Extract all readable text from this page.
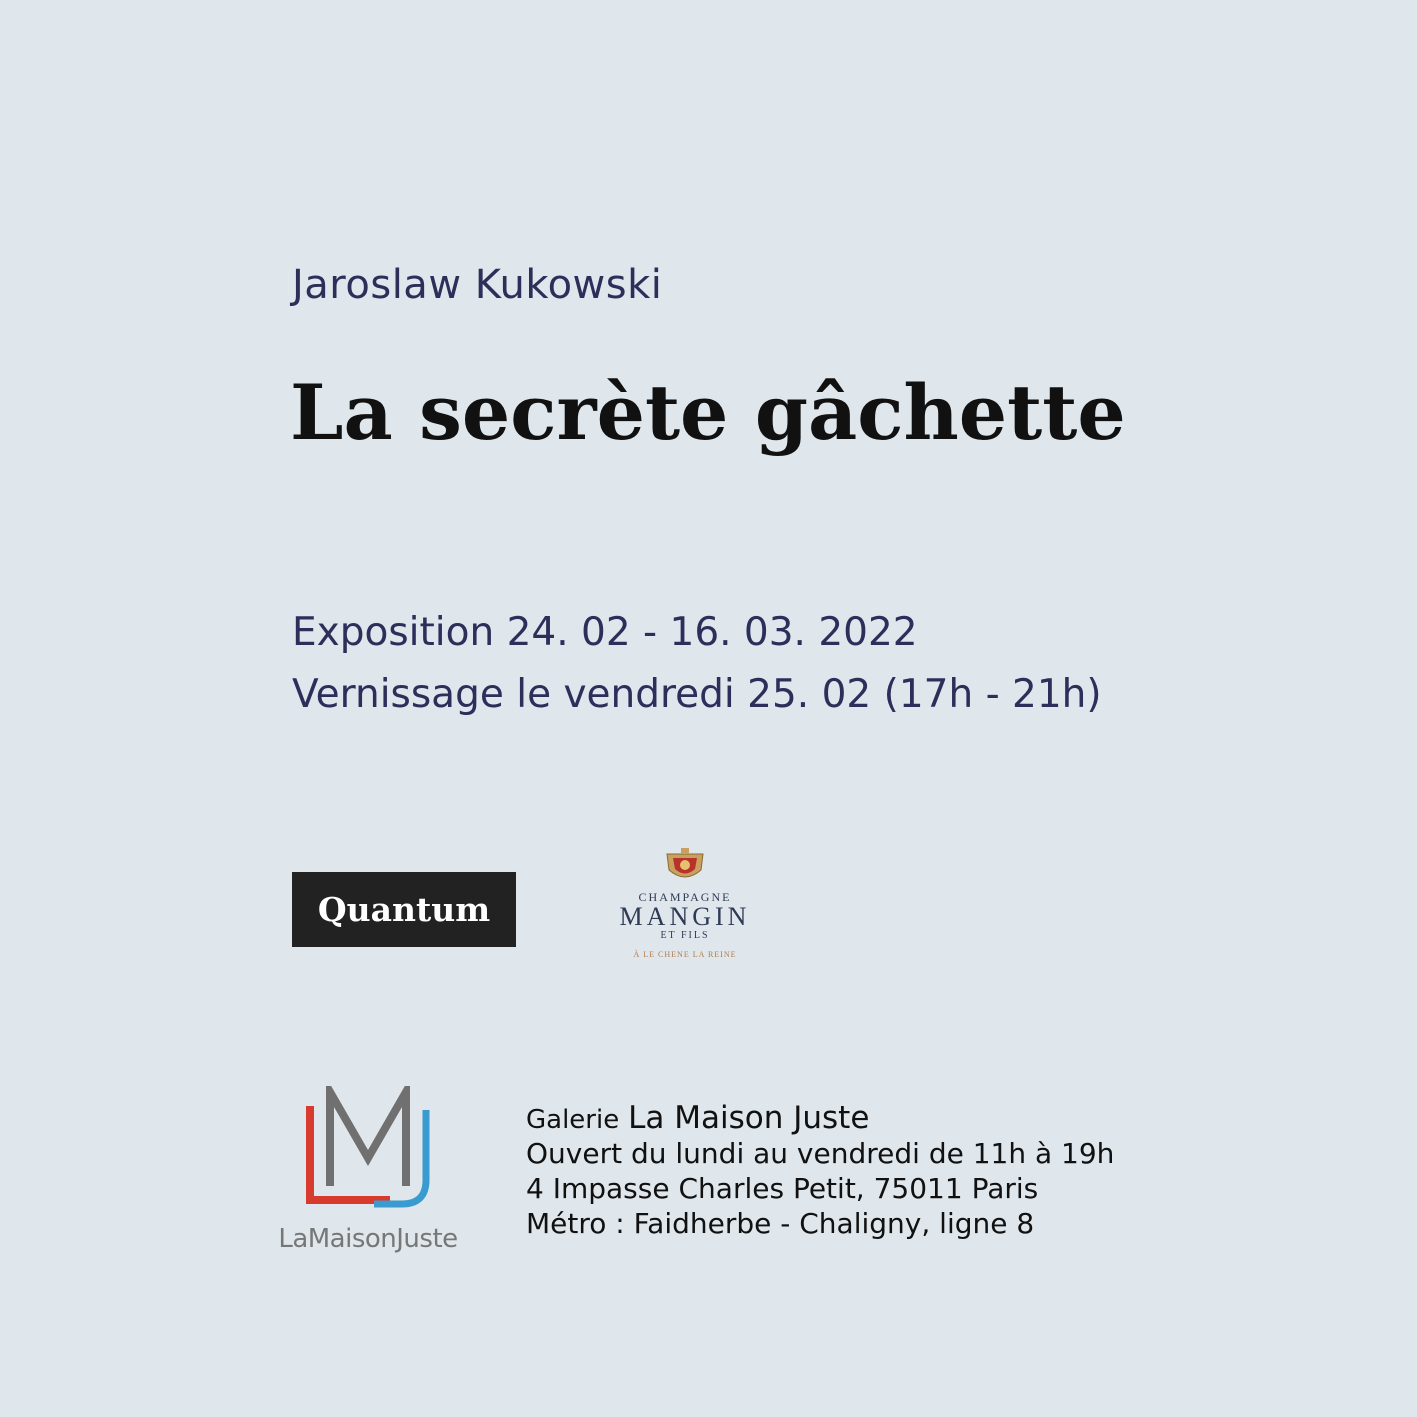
Jaroslaw Kukowski
La secrète gâchette
Exposition 24. 02 - 16. 03. 2022
Vernissage le vendredi 25. 02 (17h - 21h)
Quantum	CHAMPAGNE
MANGIN
ET FILS
À LE CHENE LA REINE
LaMaisonJuste
Galerie La Maison Juste
Ouvert du lundi au vendredi de 11h à 19h
4 Impasse Charles Petit, 75011 Paris
Métro : Faidherbe - Chaligny, ligne 8
